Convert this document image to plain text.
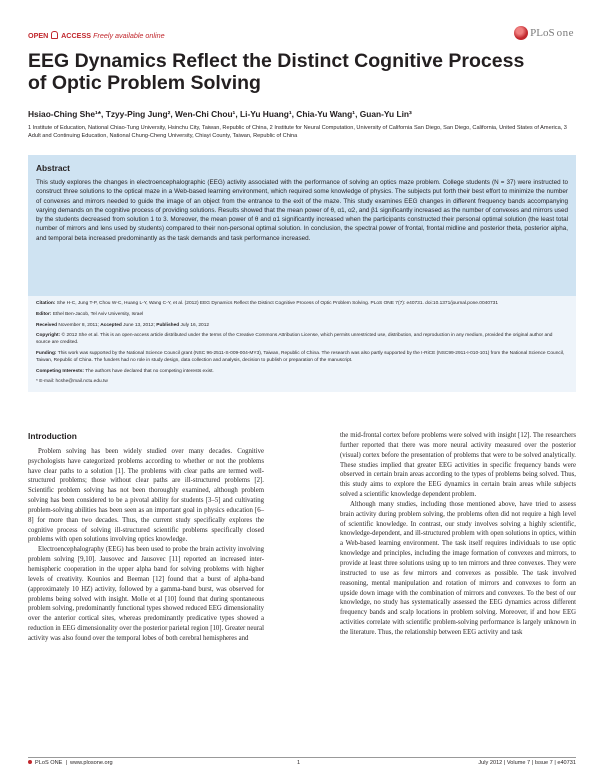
OPEN ACCESS Freely available online	PLoS one
EEG Dynamics Reflect the Distinct Cognitive Process of Optic Problem Solving
Hsiao-Ching She¹*, Tzyy-Ping Jung², Wen-Chi Chou¹, Li-Yu Huang¹, Chia-Yu Wang¹, Guan-Yu Lin³
1 Institute of Education, National Chiao-Tung University, Hsinchu City, Taiwan, Republic of China, 2 Institute for Neural Computation, University of California San Diego, San Diego, California, United States of America, 3 Adult and Continuing Education, National Chung-Cheng University, Chiayi County, Taiwan, Republic of China
Abstract

This study explores the changes in electroencephalographic (EEG) activity associated with the performance of solving an optics maze problem. College students (N = 37) were instructed to construct three solutions to the optical maze in a Web-based learning environment, which required some knowledge of physics. The subjects put forth their best effort to minimize the number of convexes and mirrors needed to guide the image of an object from the entrance to the exit of the maze. This study examines EEG changes in different frequency bands accompanying varying demands on the cognitive process of providing solutions. Results showed that the mean power of θ, α1, α2, and β1 significantly increased as the number of convexes and mirrors used by the students decreased from solution 1 to 3. Moreover, the mean power of θ and α1 significantly increased when the participants constructed their personal optimal solution (the least total number of mirrors and lens used by students) compared to their non-personal optimal solution. In conclusion, the spectral power of frontal, frontal midline and posterior theta, posterior alpha, and temporal beta increased predominantly as the task demands and task performance increased.

Citation: She H-C, Jung T-P, Chou W-C, Huang L-Y, Wang C-Y, et al. (2012) EEG Dynamics Reflect the Distinct Cognitive Process of Optic Problem Solving. PLoS ONE 7(7): e40731. doi:10.1371/journal.pone.0040731

Editor: Ethel Ben-Jacob, Tel Aviv University, Israel

Received November 8, 2011; Accepted June 13, 2012; Published July 16, 2012

Copyright: © 2012 She et al. This is an open-access article distributed under the terms of the Creative Commons Attribution License, which permits unrestricted use, distribution, and reproduction in any medium, provided the original author and source are credited.

Funding: This work was supported by the National Science Council grant (NSC 96-2511-S-009-004-MY3), Taiwan, Republic of China. The research was also partly supported by the I-RiCE (NSC99-2911-I-010-101) from the National Science Council, Taiwan, Republic of China. The funders had no role in study design, data collection and analysis, decision to publish or preparation of the manuscript.

Competing Interests: The authors have declared that no competing interests exist.

* E-mail: hcshe@mail.nctu.edu.tw

Introduction

Problem solving has been widely studied over many decades. Cognitive psychologists have categorized problems according to whether or not the problems have clear paths to a solution [1]. The problems with clear paths are termed well-structured problems; those without clear paths are ill-structured problems [2]. Scientific problem solving has not been thoroughly examined, although problem solving has been considered to be a pivotal ability for students [3–5] and cultivating problem-solving abilities has been seen as an important goal in physics education [6–8] for more than two decades. Thus, the current study specifically explores the cognitive process of solving ill-structured scientific problems specifically closed problems with open solutions involving optics knowledge.

Electroencephalography (EEG) has been used to probe the brain activity involving problem solving [9,10]. Jausovec and Jausovec [11] reported an increased inter-hemispheric cooperation in the upper alpha band for solving problems with higher levels of creativity. Kounios and Beeman [12] found that a burst of alpha-band (approximately 10 HZ) activity, followed by a gamma-band burst, was observed for problems being solved with insight. Molle et al [10] found that during spontaneous problem solving, predominantly functional types showed reduced EEG dimensionality over the anterior cortical sites, whereas predominantly predicative types showed a reduction in EEG dimensionality over the posterior parietal region [10]. Greater neural activity was also found over the temporal lobes of both cerebral hemispheres and

the mid-frontal cortex before problems were solved with insight [12]. The researchers further reported that there was more neural activity measured over the posterior (visual) cortex before the presentation of problems that were to be solved analytically. These studies implied that greater EEG activities in specific frequency bands were observed in certain brain areas according to the types of problems being solved. Thus, this study aims to explore the EEG dynamics in certain brain areas while subjects solved a scientific knowledge dependent problem.

Although many studies, including those mentioned above, have tried to assess brain activity during problem solving, the problems often did not require a high level of scientific knowledge. In contrast, our study involves solving a highly scientific, knowledge-dependent, and ill-structured problem with open solutions in optics, within a Web-based learning environment. The task itself requires individuals to use optic knowledge and principles, including the image formation of convexes and mirrors, to provide at least three solutions using up to ten mirrors and three convexes. They were instructed to use as few mirrors and convexes as possible. The task involved reasoning, mental manipulation and rotation of mirrors and convexes to form an upside down image with the combination of mirrors and convexes. To the best of our knowledge, no study has systematically assessed the EEG dynamics across different frequency bands and scalp locations in problem solving. Moreover, if and how EEG activities correlate with scientific problem-solving performance is largely unknown in the literature. Thus, the relationship between EEG activity and task

PLoS ONE  |  www.plosone.org	1	July 2012 | Volume 7 | Issue 7 | e40731
